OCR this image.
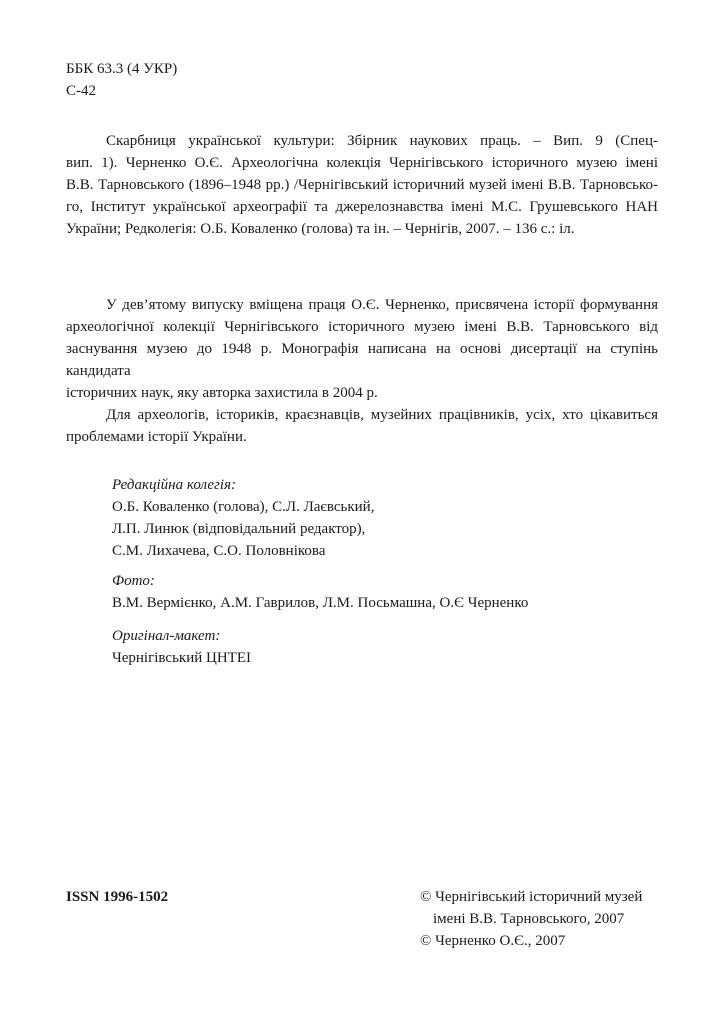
ББК 63.3 (4 УКР)
С-42
Скарбниця української культури: Збірник наукових праць. – Вип. 9 (Спец-
вип. 1). Черненко О.Є. Археологічна колекція Чернігівського історичного музею імені
В.В. Тарновського (1896–1948 рр.) /Чернігівський історичний музей імені В.В. Тарновсько-
го, Інститут української археографії та джерелознавства імені М.С. Грушевського НАН
України; Редколегія: О.Б. Коваленко (голова) та ін. – Чернігів, 2007. – 136 с.: іл.
У дев’ятому випуску вміщена праця О.Є. Черненко, присвячена історії формування
археологічної колекції Чернігівського історичного музею імені В.В. Тарновського від
заснування музею до 1948 р. Монографія написана на основі дисертації на ступінь кандидата
історичних наук, яку авторка захистила в 2004 р.
Для археологів, істориків, краєзнавців, музейних працівників, усіх, хто цікавиться
проблемами історії України.
Редакційна колегія:
О.Б. Коваленко (голова), С.Л. Лаєвський,
Л.П. Линюк (відповідальний редактор),
С.М. Лихачева, С.О. Половнікова
Фото:
В.М. Вермієнко, А.М. Гаврилов, Л.М. Посьмашна, О.Є Черненко
Оригінал-макет:
Чернігівський ЦНТЕІ
ISSN 1996-1502	© Чернігівський історичний музей
імені В.В. Тарновського, 2007
© Черненко О.Є., 2007
